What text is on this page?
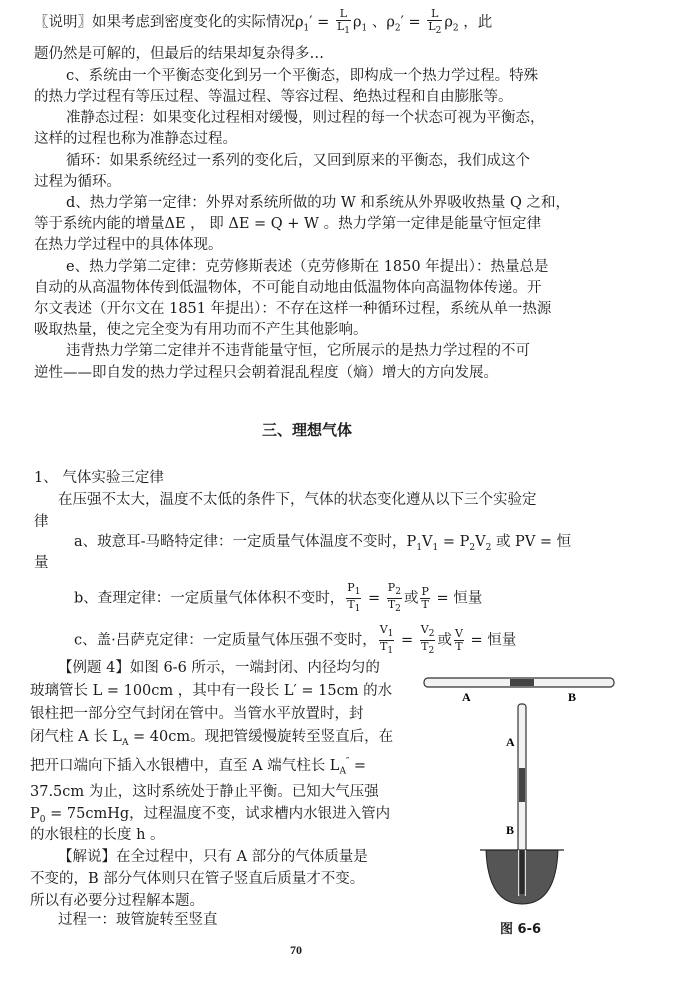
〖说明〗如果考虑到密度变化的实际情况$\rho_1' = \frac{L}{L_1} \rho_1$ 、$\rho_2' = \frac{L}{L_2} \rho_2$ ，此
题仍然是可解的，但最后的结果却复杂得多…
c、系统由一个平衡态变化到另一个平衡态，即构成一个热力学过程。特殊
的热力学过程有等压过程、等温过程、等容过程、绝热过程和自由膨胀等。
准静态过程：如果变化过程相对缓慢，则过程的每一个状态可视为平衡态，
这样的过程也称为准静态过程。
循环：如果系统经过一系列的变化后，又回到原来的平衡态，我们成这个
过程为循环。
d、热力学第一定律：外界对系统所做的功 W 和系统从外界吸收热量 Q 之和，
等于系统内能的增量ΔE ， 即 ΔE = Q + W 。热力学第一定律是能量守恒定律
在热力学过程中的具体体现。
e、热力学第二定律：克劳修斯表述（克劳修斯在 1850 年提出）：热量总是
自动的从高温物体传到低温物体，不可能自动地由低温物体向高温物体传递。开
尔文表述（开尔文在 1851 年提出）：不存在这样一种循环过程，系统从单一热源
吸取热量，使之完全变为有用功而不产生其他影响。
违背热力学第二定律并不违背能量守恒，它所展示的是热力学过程的不可
逆性——即自发的热力学过程只会朝着混乱程度（熵）增大的方向发展。
三、理想气体
1、 气体实验三定律
在压强不太大，温度不太低的条件下，气体的状态变化遵从以下三个实验定
律
a、玻意耳-马略特定律：一定质量气体温度不变时，$P_1V_1 = P_2V_2$ 或 PV = 恒
量
b、查理定律：一定质量气体体积不变时， $\frac{P_1}{T_1} = \frac{P_2}{T_2}$ 或 $\frac{P}{T}$ = 恒量
c、盖·吕萨克定律：一定质量气体压强不变时， $\frac{V_1}{T_1} = \frac{V_2}{T_2}$ 或 $\frac{V}{T}$ = 恒量
【例题 4】如图 6-6 所示，一端封闭、内径均匀的
玻璃管长 L = 100cm ，其中有一段长 L′ = 15cm 的水
银柱把一部分空气封闭在管中。当管水平放置时，封
闭气柱 A 长 $L_A = 40cm$。现把管缓慢旋转至竖直后，在
把开口端向下插入水银槽中，直至 A 端气柱长 $L_A''$ =
37.5cm 为止，这时系统处于静止平衡。已知大气压强
$P_0$ = 75cmHg，过程温度不变，试求槽内水银进入管内
的水银柱的长度 h 。
【解说】在全过程中，只有 A 部分的气体质量是
不变的，B 部分气体则只在管子竖直后质量才不变。
所以有必要分过程解本题。
过程一：玻管旋转至竖直
A	B
A
B
图 6-6
70
